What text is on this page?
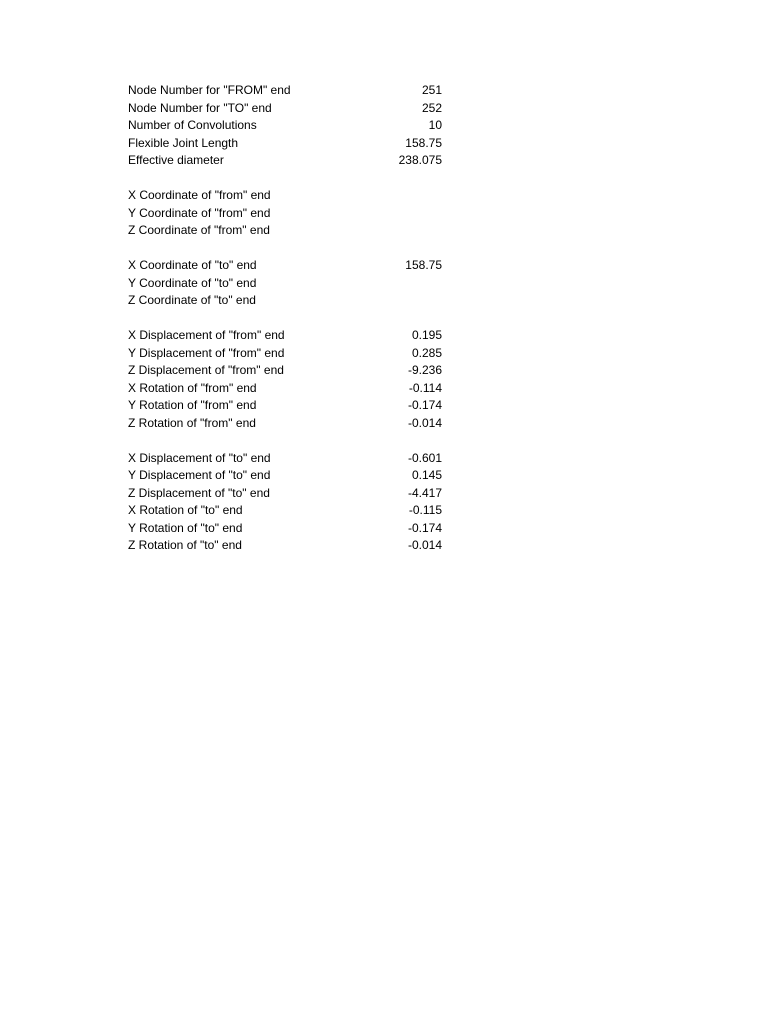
Node Number for "FROM" end	251
Node Number for "TO" end	252
Number of Convolutions	10
Flexible Joint Length	158.75
Effective diameter	238.075
X Coordinate of "from" end
Y Coordinate of "from" end
Z Coordinate of "from" end
X Coordinate of "to" end	158.75
Y Coordinate of "to" end
Z Coordinate of "to" end
X Displacement of "from" end	0.195
Y Displacement of "from" end	0.285
Z Displacement of "from" end	-9.236
X Rotation of "from" end	-0.114
Y Rotation of "from" end	-0.174
Z Rotation of "from" end	-0.014
X Displacement of "to" end	-0.601
Y Displacement of "to" end	0.145
Z Displacement of "to" end	-4.417
X Rotation of "to" end	-0.115
Y Rotation of "to" end	-0.174
Z Rotation of "to" end	-0.014
